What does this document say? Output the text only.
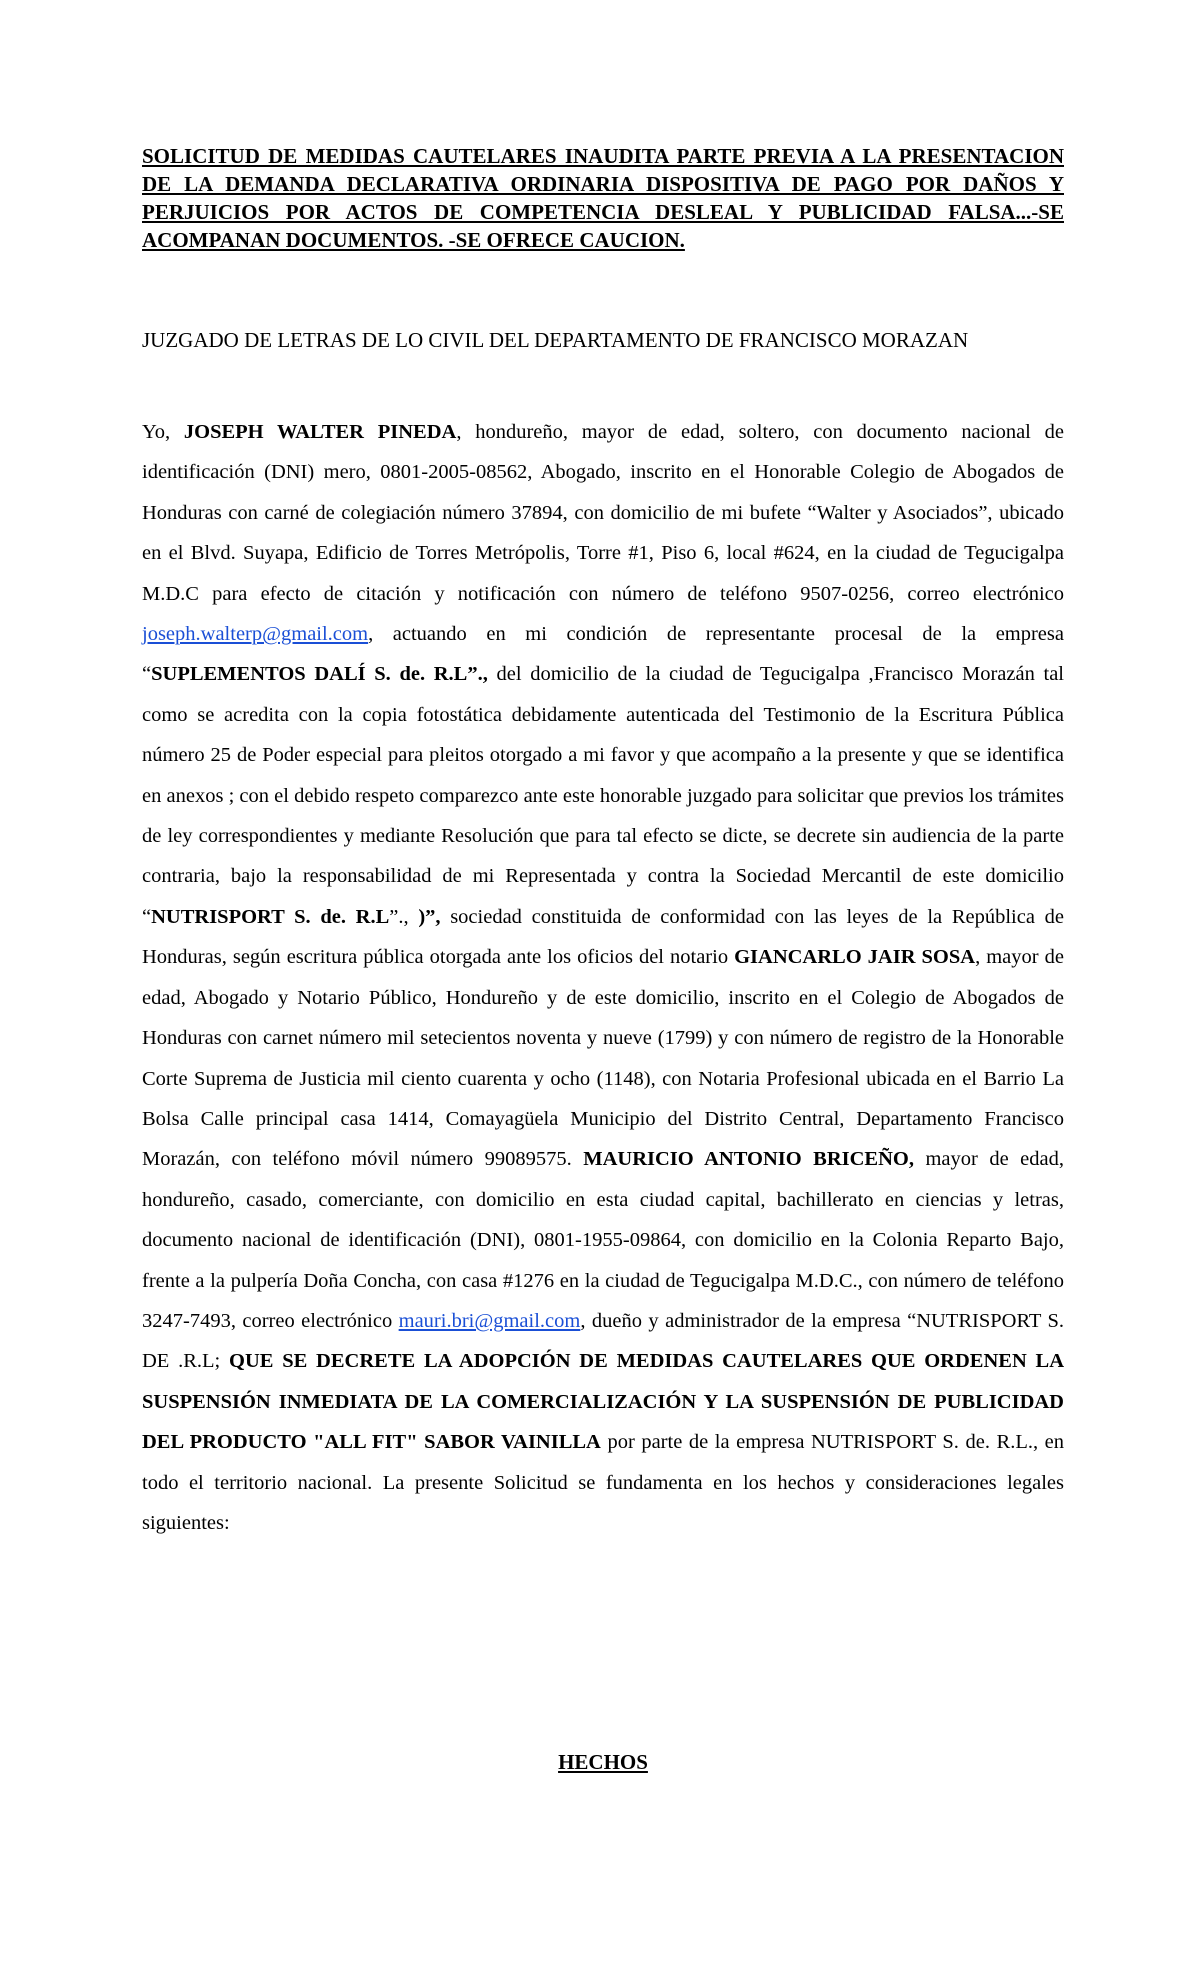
SOLICITUD DE MEDIDAS CAUTELARES INAUDITA PARTE PREVIA A LA PRESENTACION DE LA DEMANDA DECLARATIVA ORDINARIA DISPOSITIVA DE PAGO POR DAÑOS Y PERJUICIOS POR ACTOS DE COMPETENCIA DESLEAL Y PUBLICIDAD FALSA...-SE ACOMPANAN DOCUMENTOS. -SE OFRECE CAUCION.
JUZGADO DE LETRAS DE LO CIVIL DEL DEPARTAMENTO DE FRANCISCO MORAZAN
Yo, JOSEPH WALTER PINEDA, hondureño, mayor de edad, soltero, con documento nacional de identificación (DNI) mero, 0801-2005-08562, Abogado, inscrito en el Honorable Colegio de Abogados de Honduras con carné de colegiación número 37894, con domicilio de mi bufete “Walter y Asociados”, ubicado en el Blvd. Suyapa, Edificio de Torres Metrópolis, Torre #1, Piso 6, local #624, en la ciudad de Tegucigalpa M.D.C para efecto de citación y notificación con número de teléfono 9507-0256, correo electrónico joseph.walterp@gmail.com, actuando en mi condición de representante procesal de la empresa “SUPLEMENTOS DALÍ S. de. R.L”., del domicilio de la ciudad de Tegucigalpa ,Francisco Morazán tal como se acredita con la copia fotostática debidamente autenticada del Testimonio de la Escritura Pública número 25 de Poder especial para pleitos otorgado a mi favor y que acompaño a la presente y que se identifica en anexos ; con el debido respeto comparezco ante este honorable juzgado para solicitar que previos los trámites de ley correspondientes y mediante Resolución que para tal efecto se dicte, se decrete sin audiencia de la parte contraria, bajo la responsabilidad de mi Representada y contra la Sociedad Mercantil de este domicilio “NUTRISPORT S. de. R.L”., )”, sociedad constituida de conformidad con las leyes de la República de Honduras, según escritura pública otorgada ante los oficios del notario GIANCARLO JAIR SOSA, mayor de edad, Abogado y Notario Público, Hondureño y de este domicilio, inscrito en el Colegio de Abogados de Honduras con carnet número mil setecientos noventa y nueve (1799) y con número de registro de la Honorable Corte Suprema de Justicia mil ciento cuarenta y ocho (1148), con Notaria Profesional ubicada en el Barrio La Bolsa Calle principal casa 1414, Comayagüela Municipio del Distrito Central, Departamento Francisco Morazán, con teléfono móvil número 99089575. MAURICIO ANTONIO BRICEÑO, mayor de edad, hondureño, casado, comerciante, con domicilio en esta ciudad capital, bachillerato en ciencias y letras, documento nacional de identificación (DNI), 0801-1955-09864, con domicilio en la Colonia Reparto Bajo, frente a la pulpería Doña Concha, con casa #1276 en la ciudad de Tegucigalpa M.D.C., con número de teléfono 3247-7493, correo electrónico mauri.bri@gmail.com, dueño y administrador de la empresa “NUTRISPORT S. DE .R.L; QUE SE DECRETE LA ADOPCIÓN DE MEDIDAS CAUTELARES QUE ORDENEN LA SUSPENSIÓN INMEDIATA DE LA COMERCIALIZACIÓN Y LA SUSPENSIÓN DE PUBLICIDAD DEL PRODUCTO "ALL FIT" SABOR VAINILLA por parte de la empresa NUTRISPORT S. de. R.L., en todo el territorio nacional. La presente Solicitud se fundamenta en los hechos y consideraciones legales siguientes:
HECHOS
